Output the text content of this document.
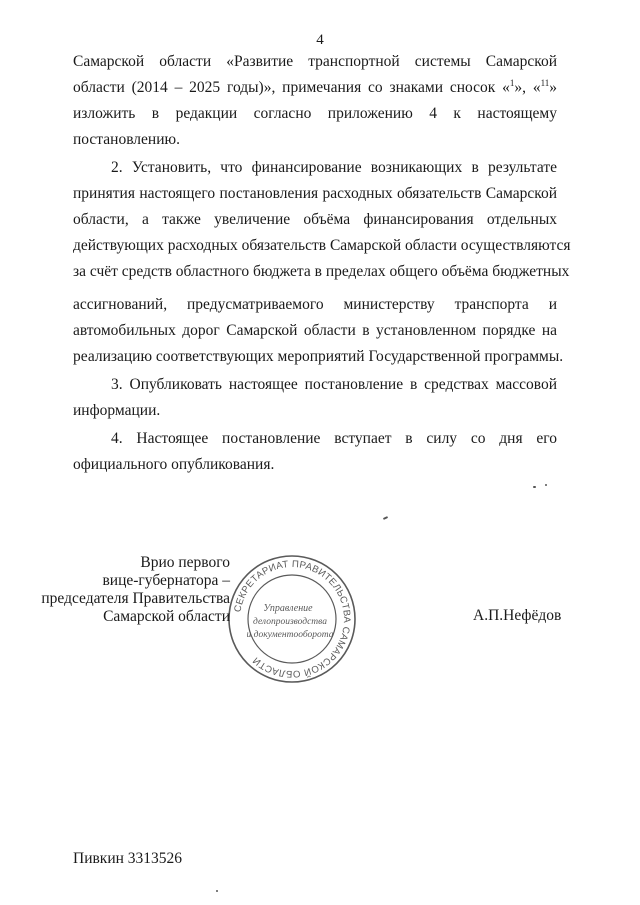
4
Самарской области «Развитие транспортной системы Самарской
области (2014 – 2025 годы)», примечания со знаками сносок «$^1$», «$^{11}$»
изложить в редакции согласно приложению 4 к настоящему
постановлению.
2. Установить, что финансирование возникающих в результате
принятия настоящего постановления расходных обязательств Самарской
области, а также увеличение объёма финансирования отдельных
действующих расходных обязательств Самарской области осуществляются
за счёт средств областного бюджета в пределах общего объёма бюджетных
ассигнований, предусматриваемого министерству транспорта и
автомобильных дорог Самарской области в установленном порядке на
реализацию соответствующих мероприятий Государственной программы.
3. Опубликовать настоящее постановление в средствах массовой
информации.
4. Настоящее постановление вступает в силу со дня его
официального опубликования.
СЕКРЕТАРИАТ ПРАВИТЕЛЬСТВА САМАРСКОЙ ОБЛАСТИ
Управление
делопроизводства
и документооборота
Врио первого
вице-губернатора –
председателя Правительства
Самарской области	А.П.Нефёдов
Пивкин 3313526
